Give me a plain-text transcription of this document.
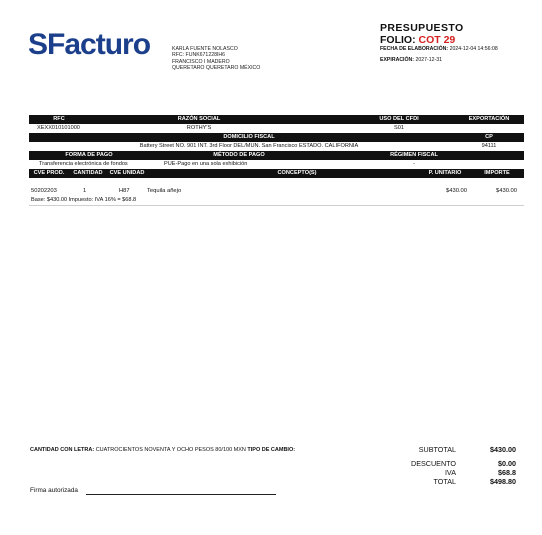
SFacturo	KARLA FUENTE NOLASCO
RFC: FUNK671228IH6
FRANCISCO I MADERO
QUERETARO QUERETARO MÉXICO
PRESUPUESTO
FOLIO: COT 29
FECHA DE ELABORACIÓN: 2024-12-04 14:56:08
EXPIRACIÓN: 2027-12-31
RFC	RAZÓN SOCIAL	USO DEL CFDI	EXPORTACIÓN
XEXX010101000	ROTHY'S	S01
DOMICILIO FISCAL	CP
Battery Street NO. 901 INT. 3rd Floor DEL/MUN. San Francisco ESTADO. CALIFORNIA	94111
FORMA DE PAGO	MÉTODO DE PAGO	RÉGIMEN FISCAL
Transferencia electrónica de fondos	PUE-Pago en una sola exhibición	-
CVE PROD.	CANTIDAD	CVE UNIDAD	CONCEPTO(S)	P. UNITARIO	IMPORTE
50202203	1	H87	Tequila añejo	$430.00	$430.00
Base: $430.00 Impuesto: IVA 16% = $68.8
CANTIDAD CON LETRA: CUATROCIENTOS NOVENTA Y OCHO PESOS 80/100 MXN TIPO DE CAMBIO:	SUBTOTAL	$430.00
DESCUENTO	$0.00
IVA	$68.8
TOTAL	$498.80
Firma autorizada
